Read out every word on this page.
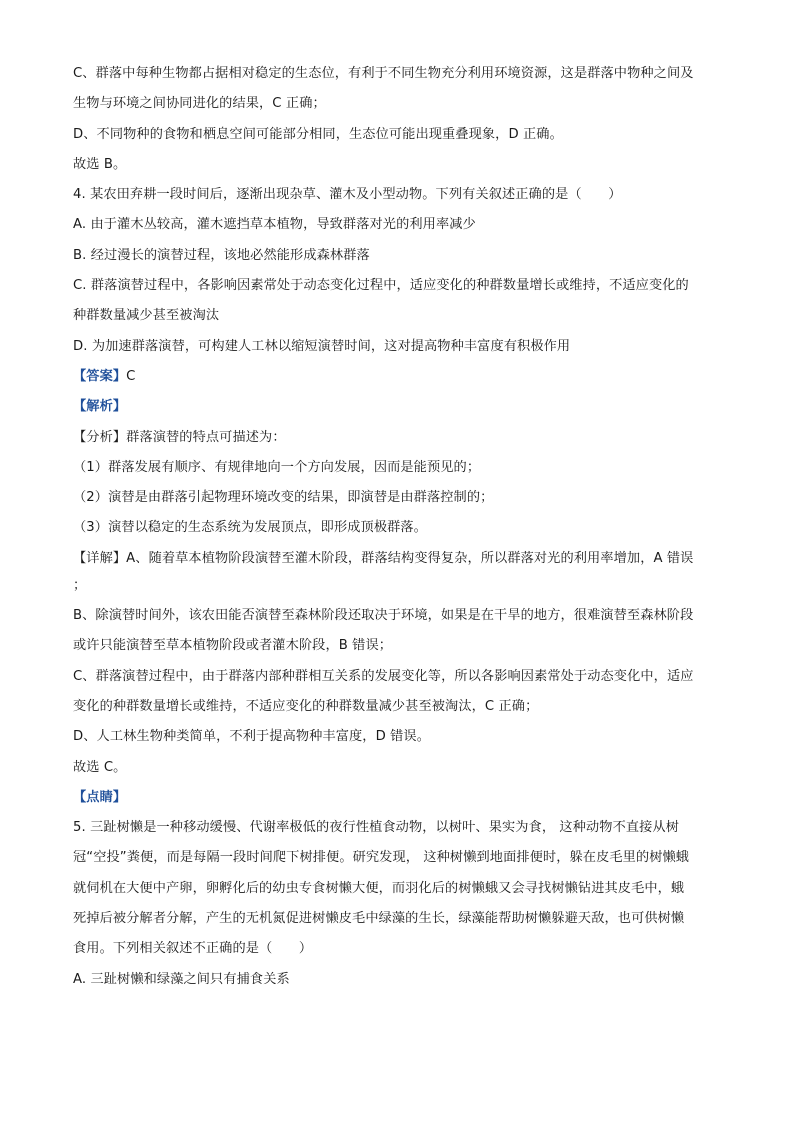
C、群落中每种生物都占据相对稳定的生态位，有利于不同生物充分利用环境资源，这是群落中物种之间及
生物与环境之间协同进化的结果，C 正确；
D、不同物种的食物和栖息空间可能部分相同，生态位可能出现重叠现象，D 正确。
故选 B。
4. 某农田弃耕一段时间后，逐渐出现杂草、灌木及小型动物。下列有关叙述正确的是（　　）
A. 由于灌木丛较高，灌木遮挡草本植物，导致群落对光的利用率减少
B. 经过漫长的演替过程，该地必然能形成森林群落
C. 群落演替过程中，各影响因素常处于动态变化过程中，适应变化的种群数量增长或维持，不适应变化的
种群数量减少甚至被淘汰
D. 为加速群落演替，可构建人工林以缩短演替时间，这对提高物种丰富度有积极作用
【答案】C
【解析】
【分析】群落演替的特点可描述为：
（1）群落发展有顺序、有规律地向一个方向发展，因而是能预见的；
（2）演替是由群落引起物理环境改变的结果，即演替是由群落控制的；
（3）演替以稳定的生态系统为发展顶点，即形成顶极群落。
【详解】A、随着草本植物阶段演替至灌木阶段，群落结构变得复杂，所以群落对光的利用率增加，A 错误
；
B、除演替时间外，该农田能否演替至森林阶段还取决于环境，如果是在干旱的地方，很难演替至森林阶段
或许只能演替至草本植物阶段或者灌木阶段，B 错误；
C、群落演替过程中，由于群落内部种群相互关系的发展变化等，所以各影响因素常处于动态变化中，适应
变化的种群数量增长或维持，不适应变化的种群数量减少甚至被淘汰，C 正确；
D、人工林生物种类简单，不利于提高物种丰富度，D 错误。
故选 C。
【点睛】
5. 三趾树懒是一种移动缓慢、代谢率极低的夜行性植食动物，以树叶、果实为食， 这种动物不直接从树
冠“空投”粪便，而是每隔一段时间爬下树排便。研究发现， 这种树懒到地面排便时，躲在皮毛里的树懒蛾
就伺机在大便中产卵，卵孵化后的幼虫专食树懒大便，而羽化后的树懒蛾又会寻找树懒钻进其皮毛中，蛾
死掉后被分解者分解，产生的无机氮促进树懒皮毛中绿藻的生长，绿藻能帮助树懒躲避天敌，也可供树懒
食用。下列相关叙述不正确的是（　　）
A. 三趾树懒和绿藻之间只有捕食关系
